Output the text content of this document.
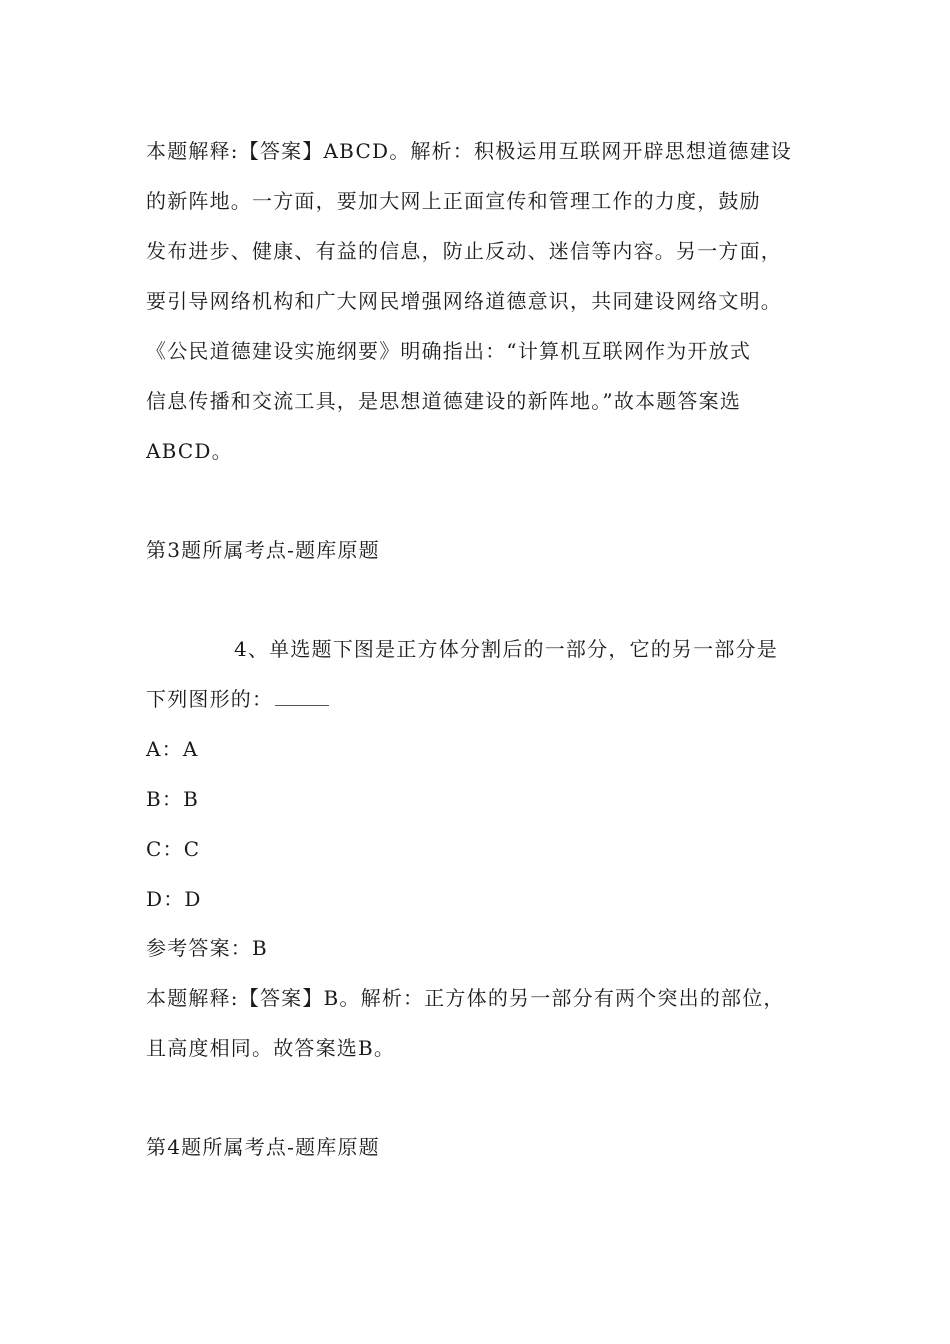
本题解释:【答案】ABCD。解析：积极运用互联网开辟思想道德建设
的新阵地。一方面，要加大网上正面宣传和管理工作的力度，鼓励
发布进步、健康、有益的信息，防止反动、迷信等内容。另一方面，
要引导网络机构和广大网民增强网络道德意识，共同建设网络文明。
《公民道德建设实施纲要》明确指出：“计算机互联网作为开放式
信息传播和交流工具，是思想道德建设的新阵地。”故本题答案选
ABCD。
第3题所属考点-题库原题
4、单选题下图是正方体分割后的一部分，它的另一部分是
下列图形的：
A：A
B：B
C：C
D：D
参考答案：B
本题解释:【答案】B。解析：正方体的另一部分有两个突出的部位，
且高度相同。故答案选B。
第4题所属考点-题库原题
